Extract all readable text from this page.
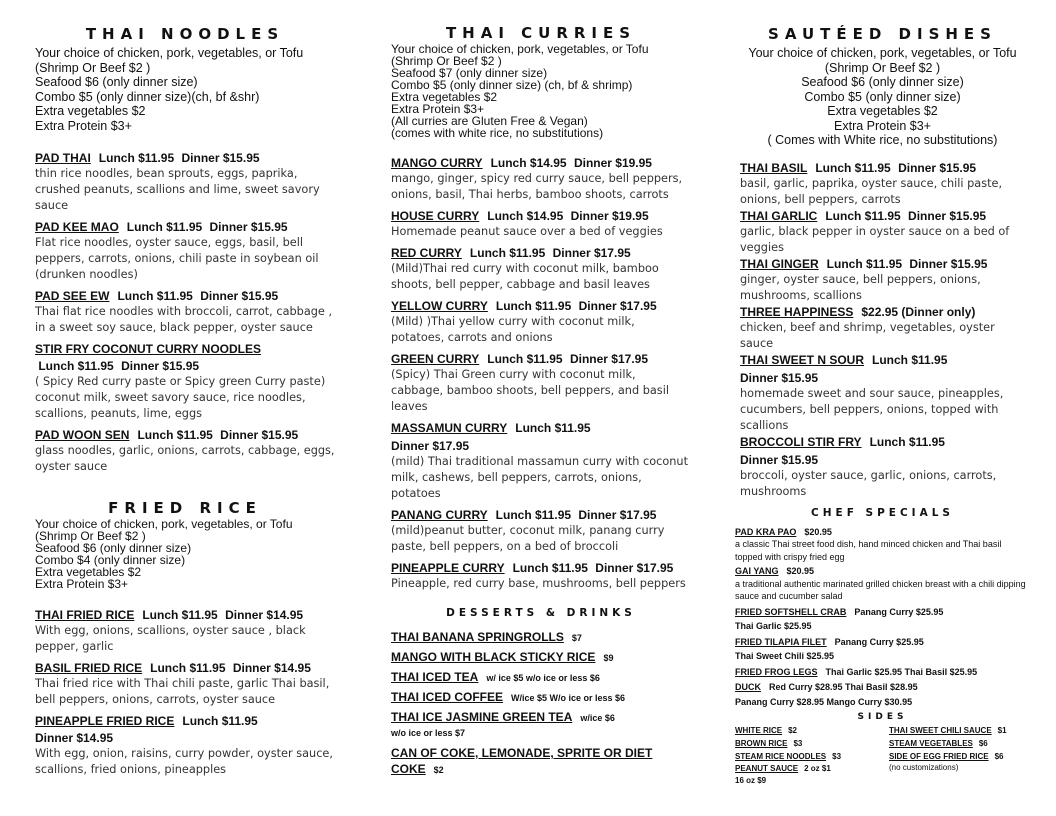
THAI NOODLES
Your choice of chicken, pork, vegetables, or Tofu
(Shrimp Or Beef $2 )
Seafood $6 (only dinner size)
Combo $5 (only dinner size)(ch, bf &shr)
Extra vegetables $2
Extra Protein $3+
PAD THAI Lunch $11.95 Dinner $15.95
thin rice noodles, bean sprouts, eggs, paprika, crushed peanuts, scallions and lime, sweet savory sauce
PAD KEE MAO Lunch $11.95 Dinner $15.95
Flat rice noodles, oyster sauce, eggs, basil, bell peppers, carrots, onions, chili paste in soybean oil (drunken noodles)
PAD SEE EW Lunch $11.95 Dinner $15.95
Thai flat rice noodles with broccoli, carrot, cabbage , in a sweet soy sauce, black pepper, oyster sauce
STIR FRY COCONUT CURRY NOODLES
Lunch $11.95 Dinner $15.95
( Spicy Red curry paste or Spicy green Curry paste) coconut milk, sweet savory sauce, rice noodles, scallions, peanuts, lime, eggs
PAD WOON SEN Lunch $11.95 Dinner $15.95
glass noodles, garlic, onions, carrots, cabbage, eggs, oyster sauce
FRIED RICE
Your choice of chicken, pork, vegetables, or Tofu
(Shrimp Or Beef $2 )
Seafood $6 (only dinner size)
Combo $4 (only dinner size)
Extra vegetables $2
Extra Protein $3+
THAI FRIED RICE Lunch $11.95 Dinner $14.95
With egg, onions, scallions, oyster sauce , black pepper, garlic
BASIL FRIED RICE Lunch $11.95 Dinner $14.95
Thai fried rice with Thai chili paste, garlic Thai basil, bell peppers, onions, carrots, oyster sauce
PINEAPPLE FRIED RICE Lunch $11.95
Dinner $14.95
With egg, onion, raisins, curry powder, oyster sauce, scallions, fried onions, pineapples
THAI CURRIES
Your choice of chicken, pork, vegetables, or Tofu
(Shrimp Or Beef $2 )
Seafood $7 (only dinner size)
Combo $5 (only dinner size) (ch, bf & shrimp)
Extra vegetables $2
Extra Protein $3+
(All curries are Gluten Free & Vegan)
(comes with white rice, no substitutions)
MANGO CURRY Lunch $14.95 Dinner $19.95
mango, ginger, spicy red curry sauce, bell peppers, onions, basil, Thai herbs, bamboo shoots, carrots
HOUSE CURRY Lunch $14.95 Dinner $19.95
Homemade peanut sauce over a bed of veggies
RED CURRY Lunch $11.95 Dinner $17.95
(Mild)Thai red curry with coconut milk, bamboo shoots, bell pepper, cabbage and basil leaves
YELLOW CURRY Lunch $11.95 Dinner $17.95
(Mild) )Thai yellow curry with coconut milk, potatoes, carrots and onions
GREEN CURRY Lunch $11.95 Dinner $17.95
(Spicy) Thai Green curry with coconut milk, cabbage, bamboo shoots, bell peppers, and basil leaves
MASSAMUN CURRY Lunch $11.95
Dinner $17.95
(mild) Thai traditional massamun curry with coconut milk, cashews, bell peppers, carrots, onions, potatoes
PANANG CURRY Lunch $11.95 Dinner $17.95
(mild)peanut butter, coconut milk, panang curry paste, bell peppers, on a bed of broccoli
PINEAPPLE CURRY Lunch $11.95 Dinner $17.95
Pineapple, red curry base, mushrooms, bell peppers
DESSERTS & DRINKS
THAI BANANA SPRINGROLLS $7
MANGO WITH BLACK STICKY RICE $9
THAI ICED TEA w/ ice $5 w/o ice or less $6
THAI ICED COFFEE W/ice $5 W/o ice or less $6
THAI ICE JASMINE GREEN TEA w/ice $6
w/o ice or less $7
CAN OF COKE, LEMONADE, SPRITE OR DIET COKE $2
SAUTÉED DISHES
Your choice of chicken, pork, vegetables, or Tofu
(Shrimp Or Beef $2 )
Seafood $6 (only dinner size)
Combo $5 (only dinner size)
Extra vegetables $2
Extra Protein $3+
( Comes with White rice, no substitutions)
THAI BASIL Lunch $11.95 Dinner $15.95
basil, garlic, paprika, oyster sauce, chili paste, onions, bell peppers, carrots
THAI GARLIC Lunch $11.95 Dinner $15.95
garlic, black pepper in oyster sauce on a bed of veggies
THAI GINGER Lunch $11.95 Dinner $15.95
ginger, oyster sauce, bell peppers, onions, mushrooms, scallions
THREE HAPPINESS $22.95 (Dinner only)
chicken, beef and shrimp, vegetables, oyster sauce
THAI SWEET N SOUR Lunch $11.95
Dinner $15.95
homemade sweet and sour sauce, pineapples, cucumbers, bell peppers, onions, topped with scallions
BROCCOLI STIR FRY Lunch $11.95
Dinner $15.95
broccoli, oyster sauce, garlic, onions, carrots, mushrooms
CHEF SPECIALS
PAD KRA PAO $20.95
a classic Thai street food dish, hand minced chicken and Thai basil topped with crispy fried egg
GAI YANG $20.95
a traditional authentic marinated grilled chicken breast with a chili dipping sauce and cucumber salad
FRIED SOFTSHELL CRAB Panang Curry $25.95
Thai Garlic $25.95
FRIED TILAPIA FILET Panang Curry $25.95
Thai Sweet Chili $25.95
FRIED FROG LEGS Thai Garlic $25.95 Thai Basil $25.95
DUCK Red Curry $28.95 Thai Basil $28.95
Panang Curry $28.95 Mango Curry $30.95
SIDES
WHITE RICE $2
BROWN RICE $3
STEAM RICE NOODLES $3
PEANUT SAUCE 2 oz $1
16 oz $9
THAI SWEET CHILI SAUCE $1
STEAM VEGETABLES $6
SIDE OF EGG FRIED RICE $6
(no customizations)
